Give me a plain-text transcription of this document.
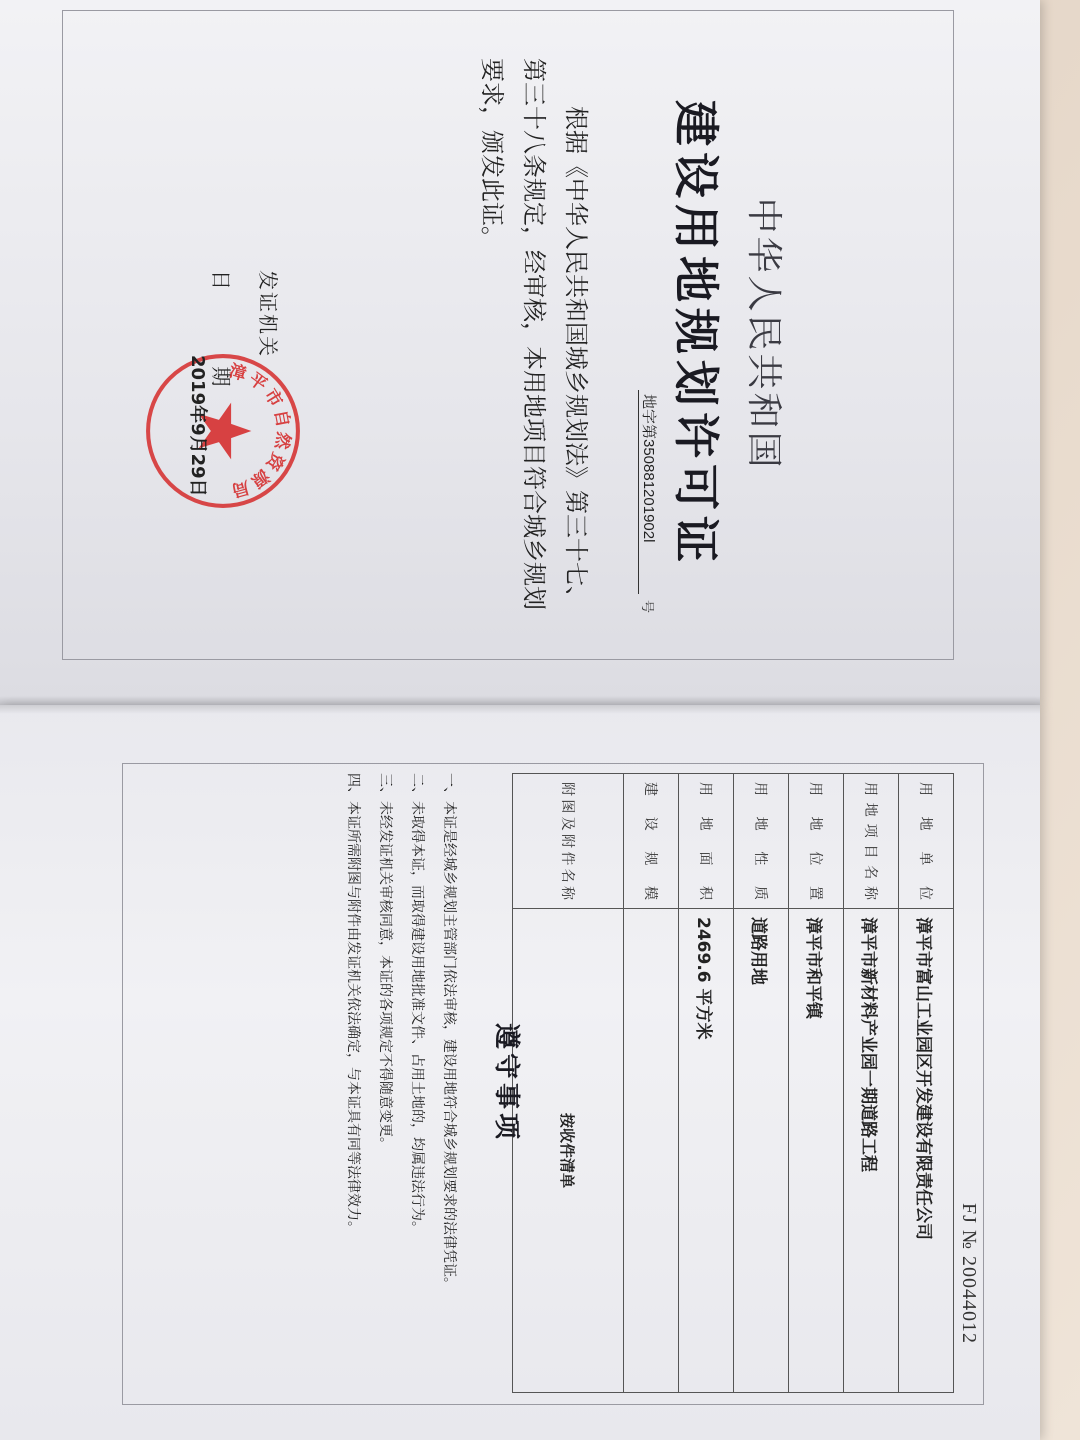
中华人民共和国
建设用地规划许可证
地字第350881201902l
号
根据《中华人民共和国城乡规划法》第三十七、第三十八条规定，经审核，本用地项目符合城乡规划要求，颁发此证。
发证机关
日 期
漳平市自然资源局
2019年9月29日
FJ № 20044012
用地单位	漳平市富山工业园区开发建设有限责任公司
用地项目名称	漳平市新材料产业园一期道路工程
用地位置	漳平市和平镇
用地性质	道路用地
用地面积	2469.6 平方米
建设规模	
附图及附件名称	按收件清单
遵守事项
一、本证是经城乡规划主管部门依法审核，建设用地符合城乡规划要求的法律凭证。
二、未取得本证，而取得建设用地批准文件、占用土地的，均属违法行为。
三、未经发证机关审核同意，本证的各项规定不得随意变更。
四、本证所需附图与附件由发证机关依法确定，与本证具有同等法律效力。
